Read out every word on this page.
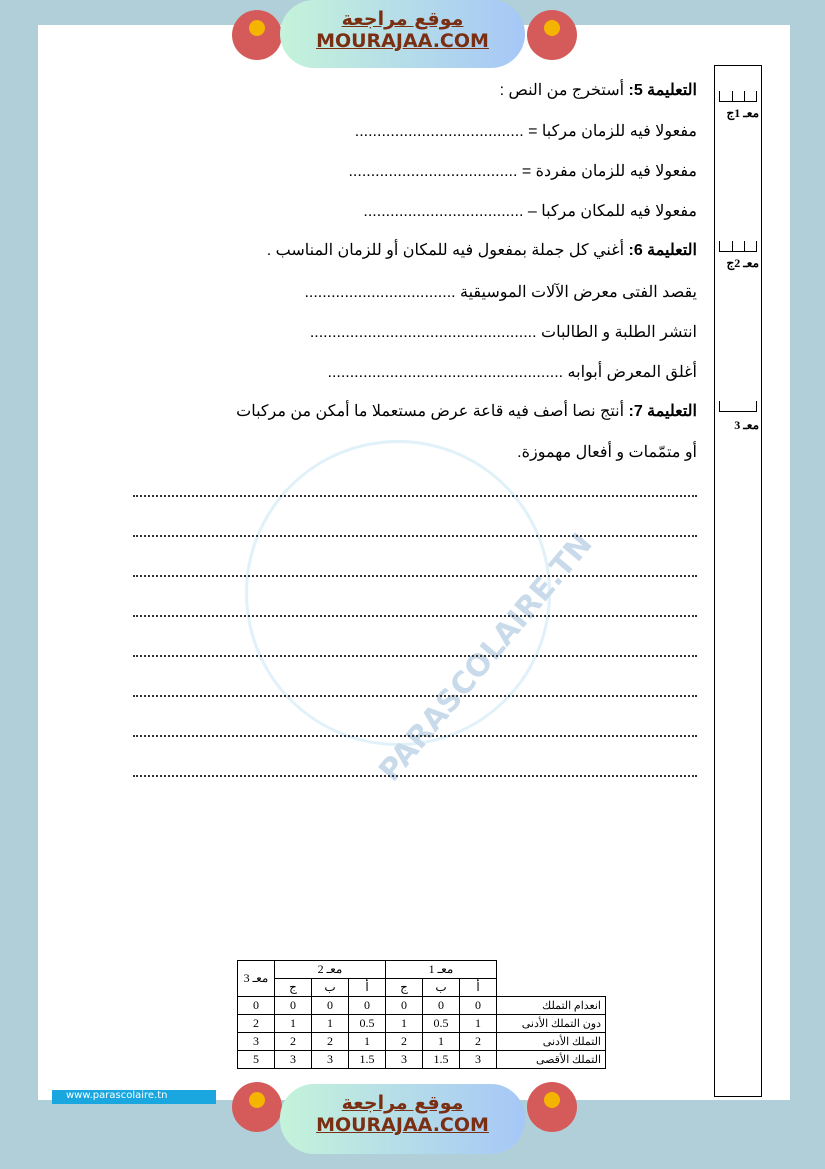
موقع مراجعة
MOURAJAA.COM
PARASCOLAIRE.TN
التعليمة 5: أستخرج من النص :
مفعولا فيه للزمان مركبا = ......................................
مفعولا فيه للزمان مفردة = ......................................
مفعولا فيه للمكان مركبا – ....................................
التعليمة 6: أغني كل جملة بمفعول فيه للمكان أو للزمان المناسب .
يقصد الفتى معرض الآلات الموسيقية ..................................
انتشر الطلبة و الطالبات ...................................................
أغلق المعرض أبوابه .....................................................
التعليمة 7: أنتج نصا أصف فيه قاعة عرض مستعملا ما أمكن من مركبات
أو متمّمات و أفعال مهموزة.
معـ 1ج
معـ 2ج
معـ 3
	معـ 1			معـ 2			معـ 3
	أ	ب	ج	أ	ب	ج	
انعدام التملك	0	0	0	0	0	0	0
دون التملك الأدنى	1	0.5	1	0.5	1	1	2
التملك الأدنى	2	1	2	1	2	2	3
التملك الأقصى	3	1.5	3	1.5	3	3	5
www.parascolaire.tn	موقع مراجعة
MOURAJAA.COM
